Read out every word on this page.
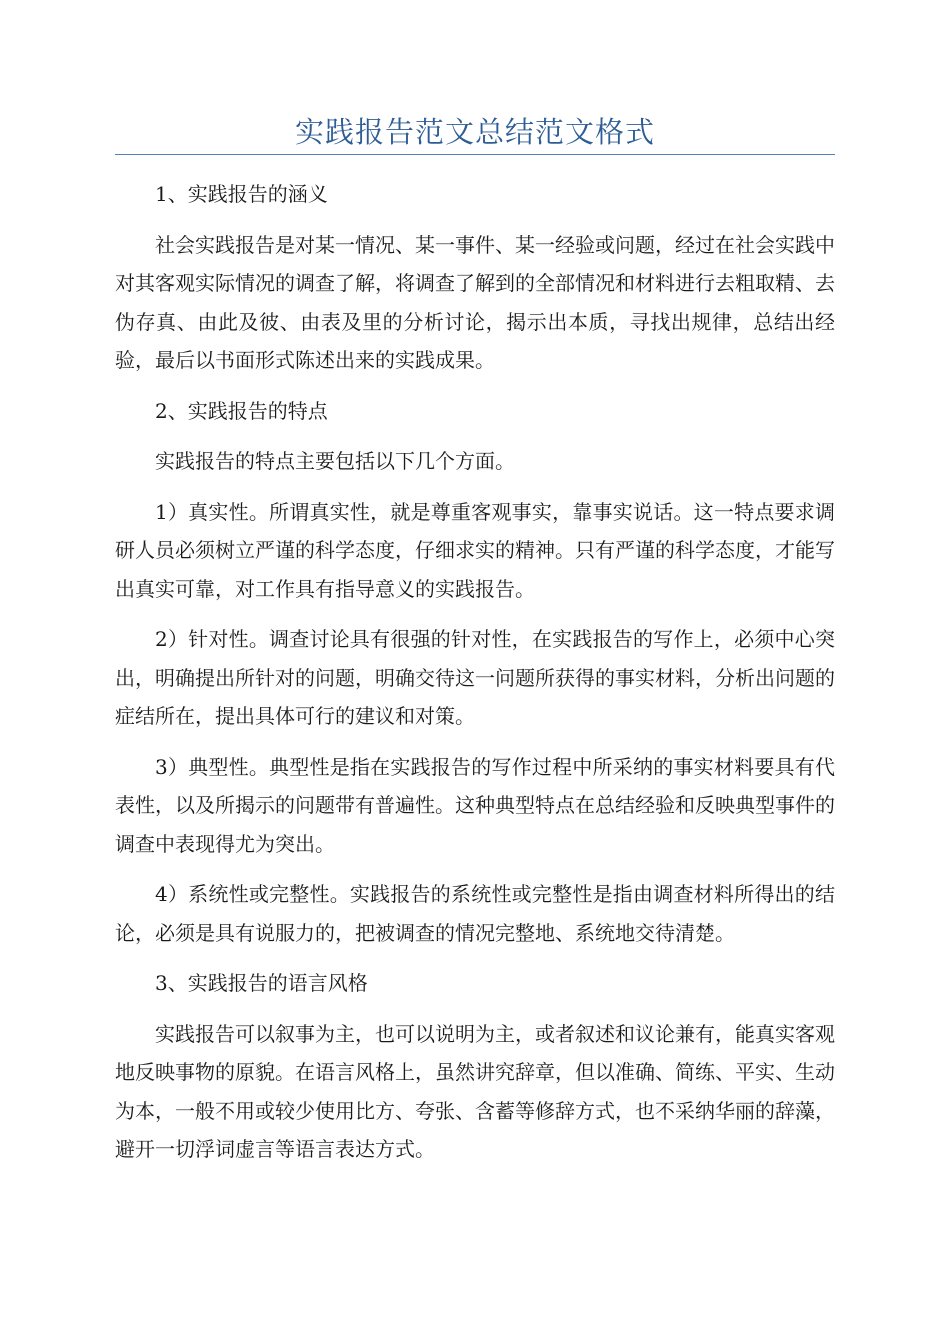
实践报告范文总结范文格式

1、实践报告的涵义

社会实践报告是对某一情况、某一事件、某一经验或问题，经过在社会实践中对其客观实际情况的调查了解，将调查了解到的全部情况和材料进行去粗取精、去伪存真、由此及彼、由表及里的分析讨论，揭示出本质，寻找出规律，总结出经验，最后以书面形式陈述出来的实践成果。

2、实践报告的特点

实践报告的特点主要包括以下几个方面。

1）真实性。所谓真实性，就是尊重客观事实，靠事实说话。这一特点要求调研人员必须树立严谨的科学态度，仔细求实的精神。只有严谨的科学态度，才能写出真实可靠，对工作具有指导意义的实践报告。

2）针对性。调查讨论具有很强的针对性，在实践报告的写作上，必须中心突出，明确提出所针对的问题，明确交待这一问题所获得的事实材料，分析出问题的症结所在，提出具体可行的建议和对策。

3）典型性。典型性是指在实践报告的写作过程中所采纳的事实材料要具有代表性，以及所揭示的问题带有普遍性。这种典型特点在总结经验和反映典型事件的调查中表现得尤为突出。

4）系统性或完整性。实践报告的系统性或完整性是指由调查材料所得出的结论，必须是具有说服力的，把被调查的情况完整地、系统地交待清楚。

3、实践报告的语言风格

实践报告可以叙事为主，也可以说明为主，或者叙述和议论兼有，能真实客观地反映事物的原貌。在语言风格上，虽然讲究辞章，但以准确、简练、平实、生动为本，一般不用或较少使用比方、夸张、含蓄等修辞方式，也不采纳华丽的辞藻，避开一切浮词虚言等语言表达方式。
